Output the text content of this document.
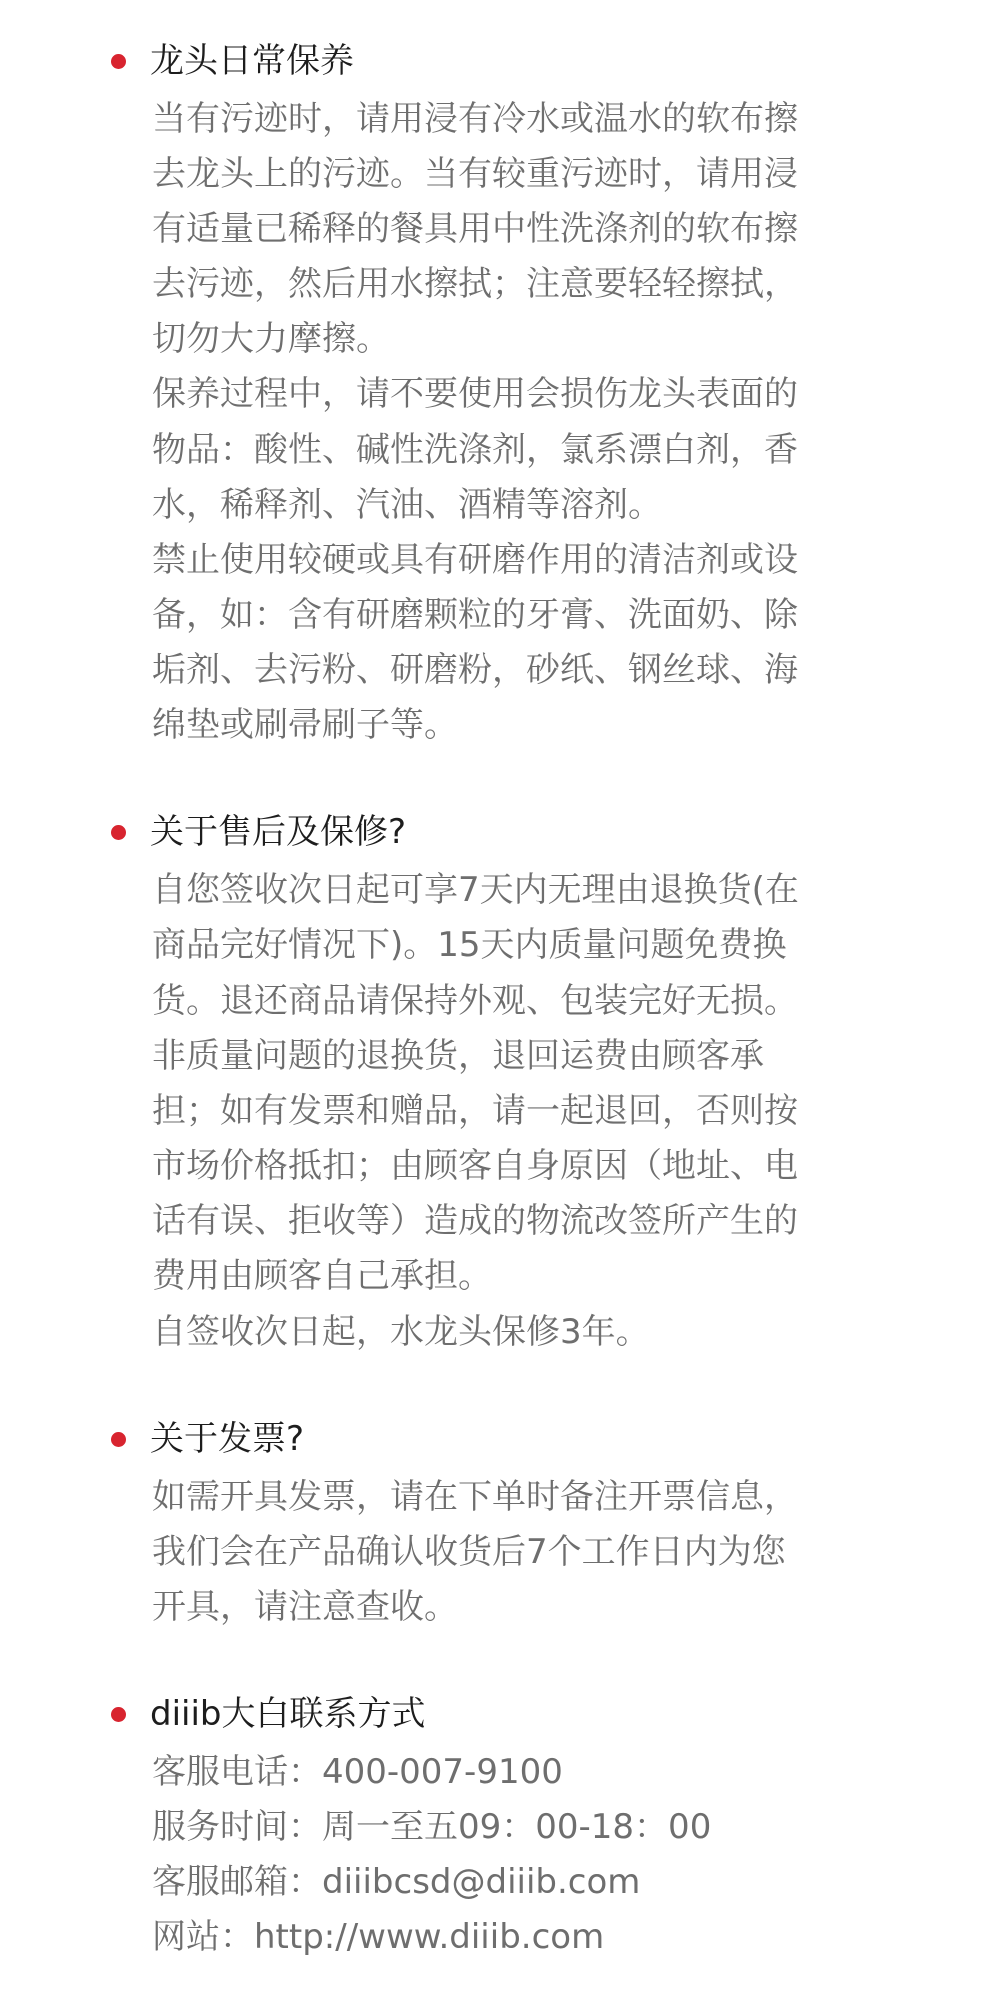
龙头日常保养
当有污迹时，请用浸有冷水或温水的软布擦
去龙头上的污迹。当有较重污迹时，请用浸
有适量已稀释的餐具用中性洗涤剂的软布擦
去污迹，然后用水擦拭；注意要轻轻擦拭，
切勿大力摩擦。
保养过程中，请不要使用会损伤龙头表面的
物品：酸性、碱性洗涤剂，氯系漂白剂，香
水，稀释剂、汽油、酒精等溶剂。
禁止使用较硬或具有研磨作用的清洁剂或设
备，如：含有研磨颗粒的牙膏、洗面奶、除
垢剂、去污粉、研磨粉，砂纸、钢丝球、海
绵垫或刷帚刷子等。
关于售后及保修?
自您签收次日起可享7天内无理由退换货(在
商品完好情况下)。15天内质量问题免费换
货。退还商品请保持外观、包装完好无损。
非质量问题的退换货，退回运费由顾客承
担；如有发票和赠品，请一起退回，否则按
市场价格抵扣；由顾客自身原因（地址、电
话有误、拒收等）造成的物流改签所产生的
费用由顾客自己承担。
自签收次日起，水龙头保修3年。
关于发票?
如需开具发票，请在下单时备注开票信息，
我们会在产品确认收货后7个工作日内为您
开具，请注意查收。
diiib大白联系方式
客服电话：400-007-9100
服务时间：周一至五09：00-18：00
客服邮箱：diiibcsd@diiib.com
网站：http://www.diiib.com
